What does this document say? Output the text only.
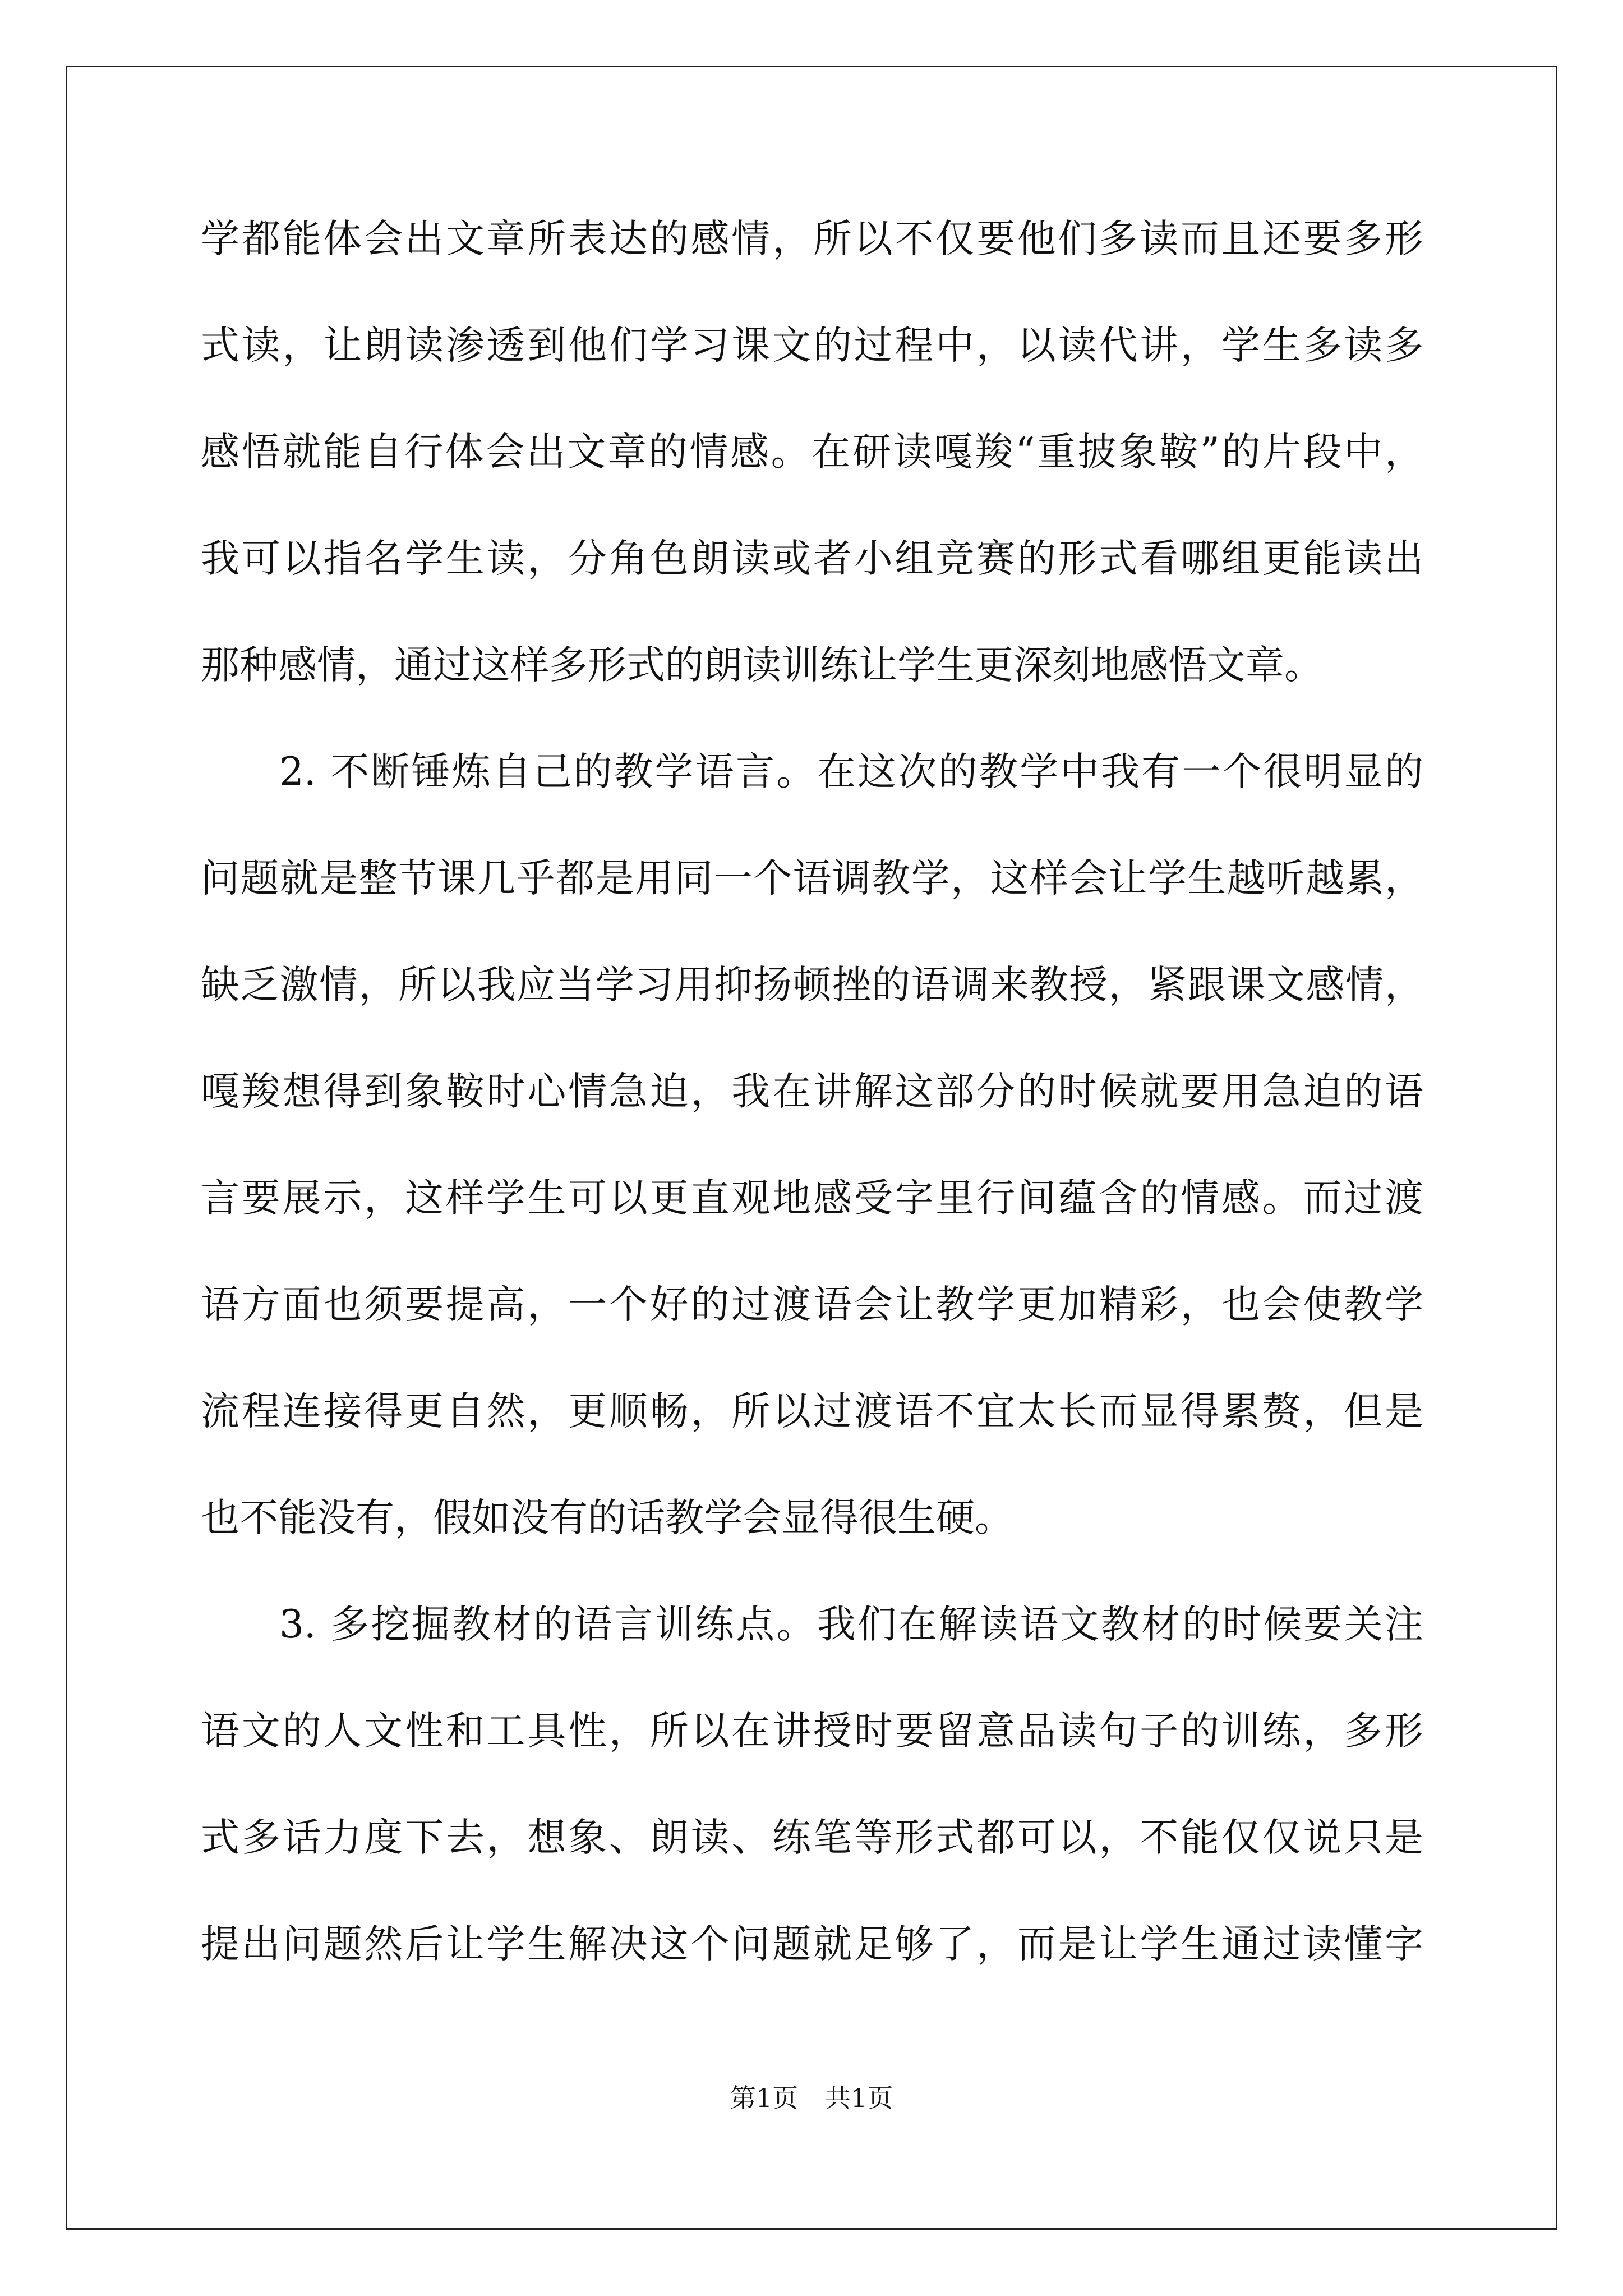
学都能体会出文章所表达的感情，所以不仅要他们多读而且还要多形
式读，让朗读渗透到他们学习课文的过程中，以读代讲，学生多读多
感悟就能自行体会出文章的情感。在研读嘎羧“重披象鞍”的片段中，
我可以指名学生读，分角色朗读或者小组竞赛的形式看哪组更能读出
那种感情，通过这样多形式的朗读训练让学生更深刻地感悟文章。
2. 不断锤炼自己的教学语言。在这次的教学中我有一个很明显的
问题就是整节课几乎都是用同一个语调教学，这样会让学生越听越累，
缺乏激情，所以我应当学习用抑扬顿挫的语调来教授，紧跟课文感情，
嘎羧想得到象鞍时心情急迫，我在讲解这部分的时候就要用急迫的语
言要展示，这样学生可以更直观地感受字里行间蕴含的情感。而过渡
语方面也须要提高，一个好的过渡语会让教学更加精彩，也会使教学
流程连接得更自然，更顺畅，所以过渡语不宜太长而显得累赘，但是
也不能没有，假如没有的话教学会显得很生硬。
3. 多挖掘教材的语言训练点。我们在解读语文教材的时候要关注
语文的人文性和工具性，所以在讲授时要留意品读句子的训练，多形
式多话力度下去，想象、朗读、练笔等形式都可以，不能仅仅说只是
提出问题然后让学生解决这个问题就足够了，而是让学生通过读懂字
第1页 共1页
